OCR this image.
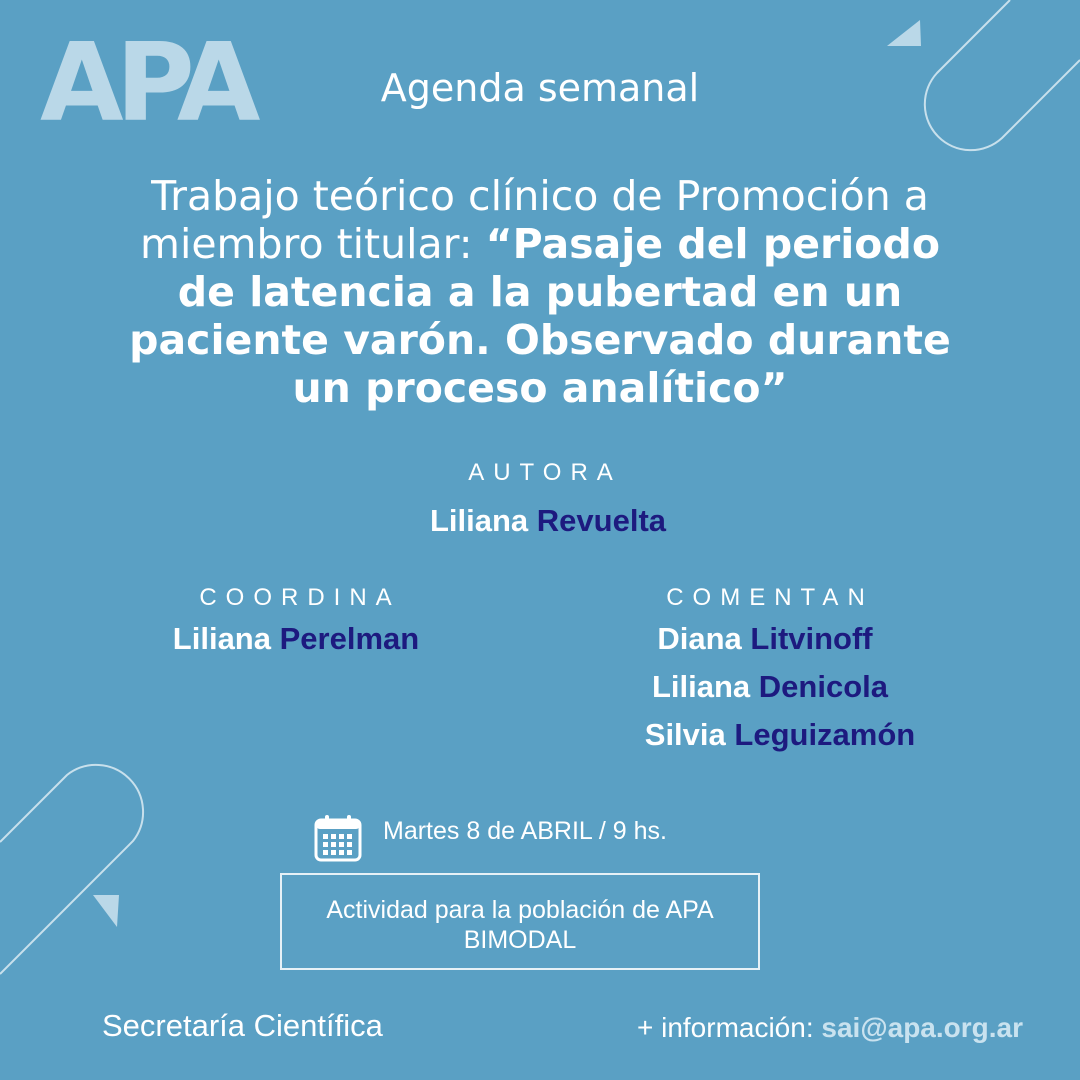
APA	Agenda semanal
Trabajo teórico clínico de Promoción a miembro titular: “Pasaje del periodo de latencia a la pubertad en un paciente varón. Observado durante un proceso analítico”
AUTORA
Liliana Revuelta
COORDINA
Liliana Perelman
COMENTAN
Diana Litvinoff
Liliana Denicola
Silvia Leguizamón
Martes 8 de ABRIL / 9 hs.
Actividad para la población de APA
BIMODAL
Secretaría Científica	+ información: sai@apa.org.ar
